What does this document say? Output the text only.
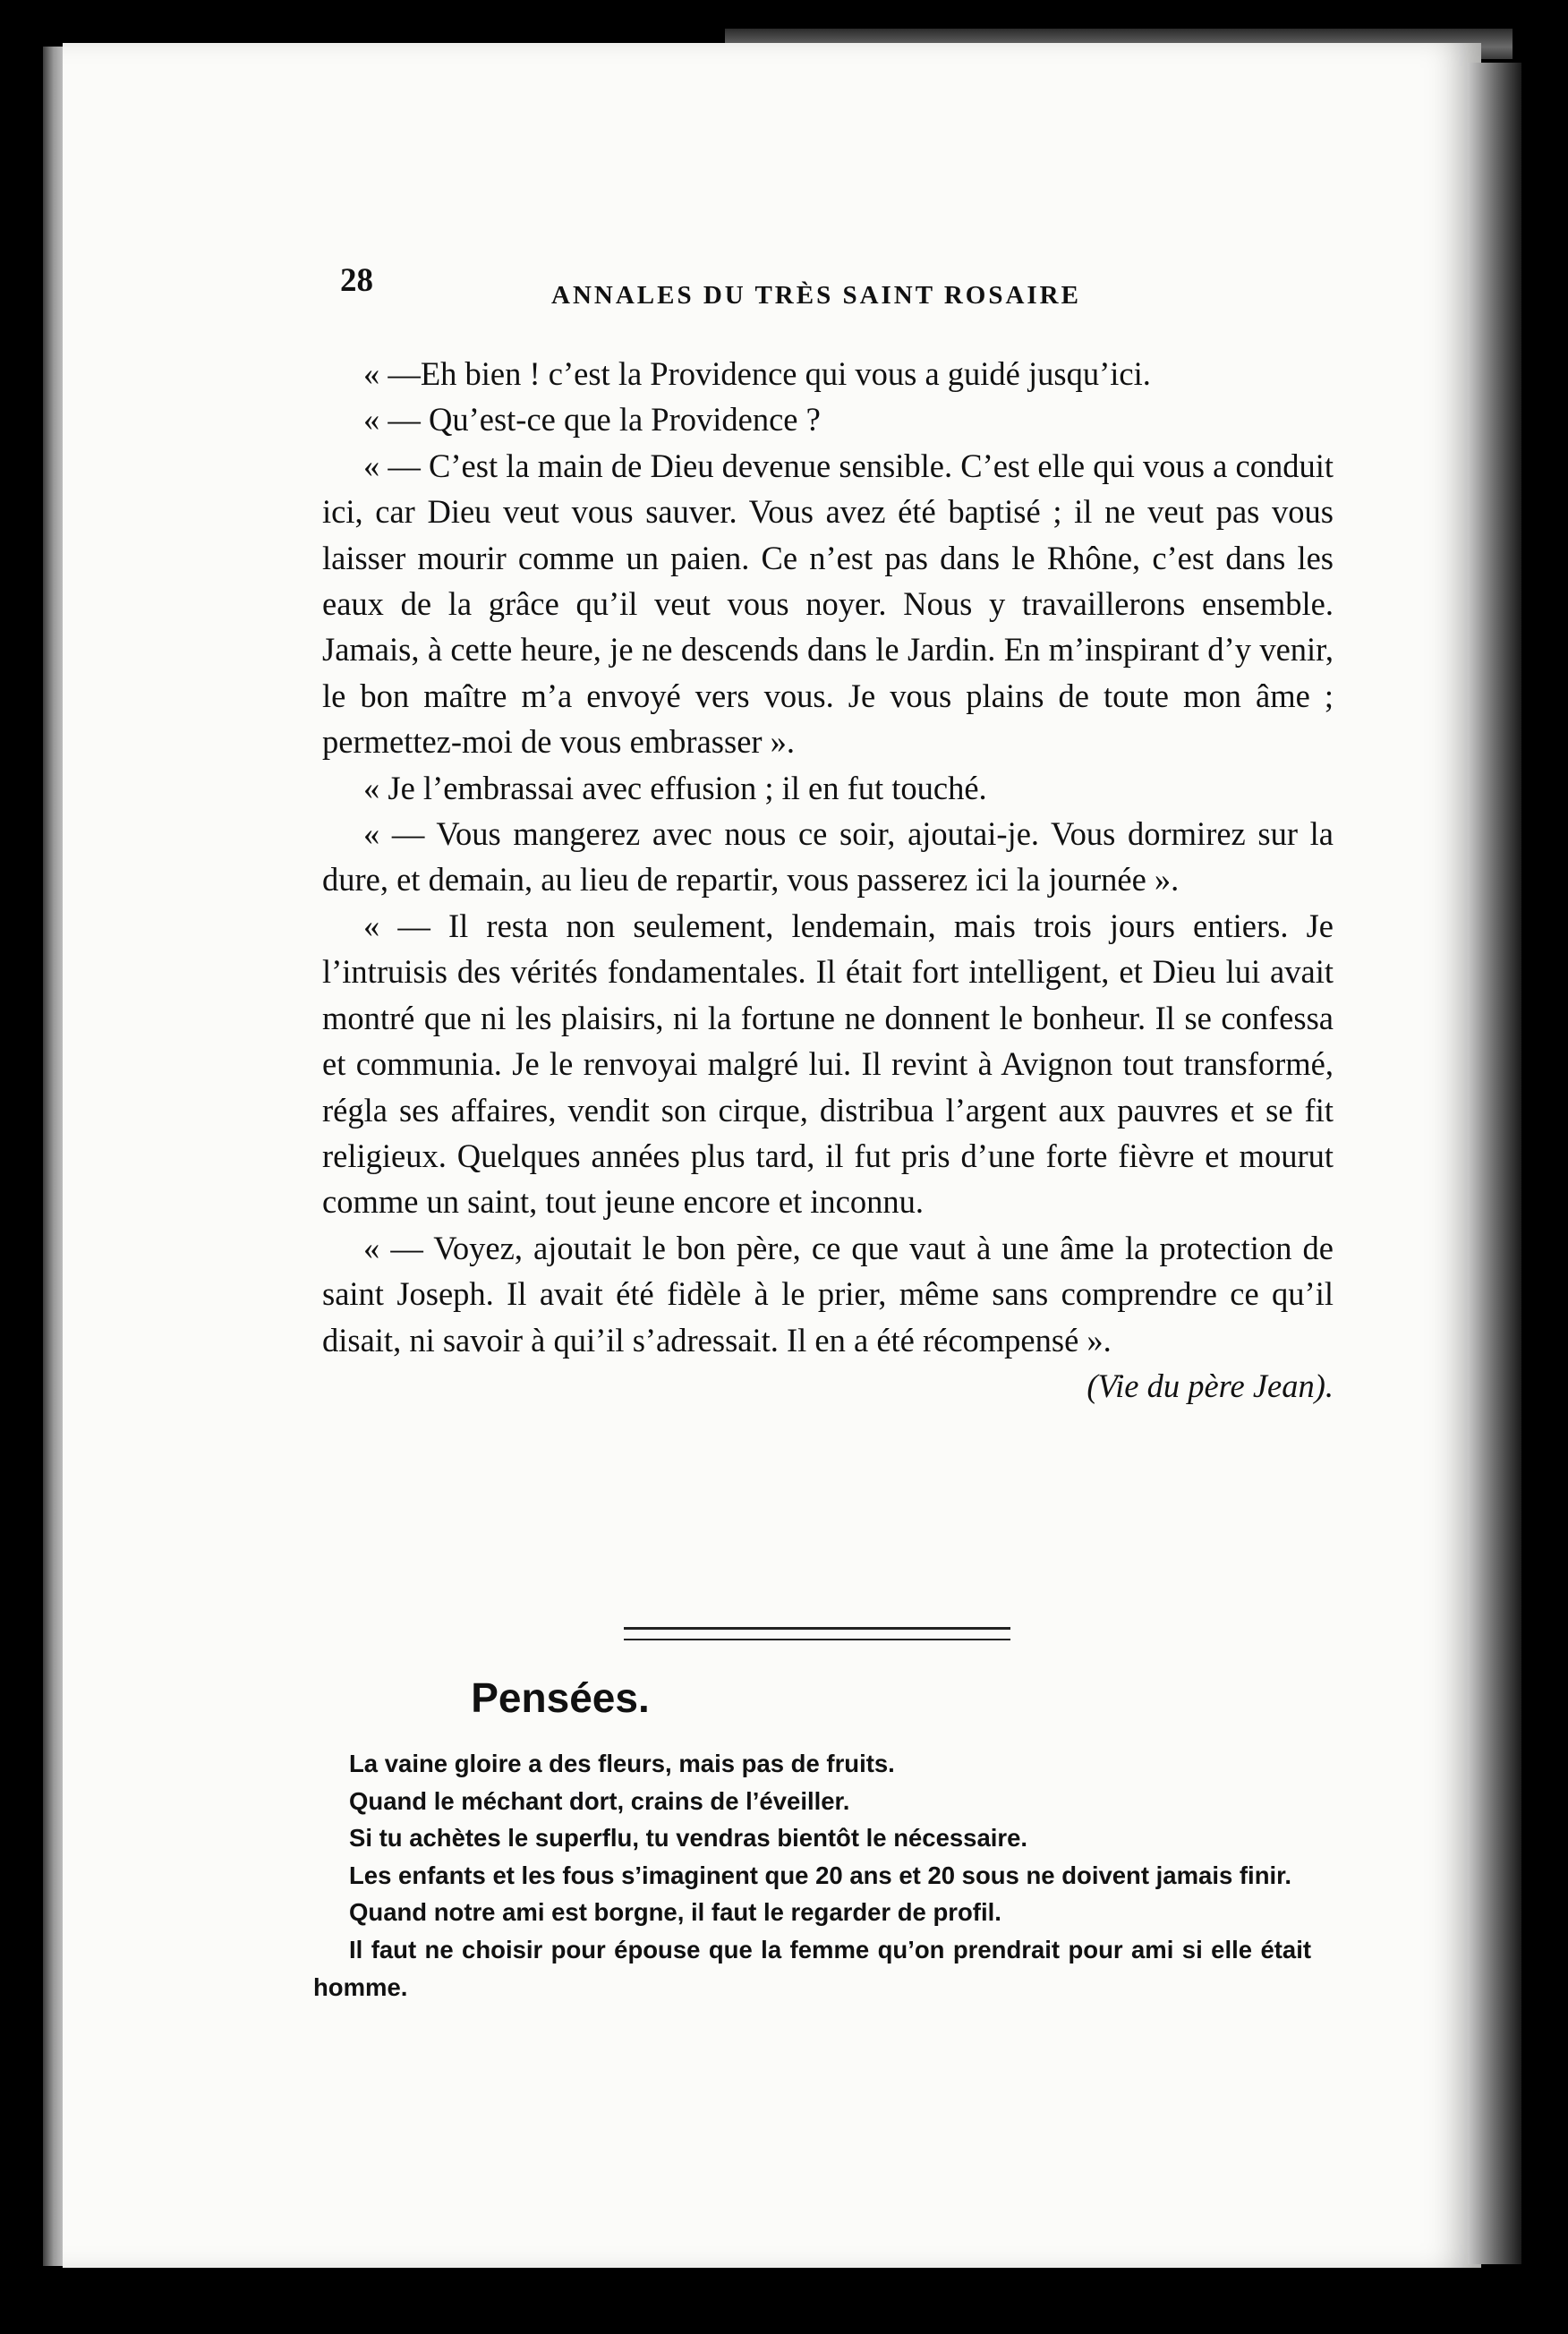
28	ANNALES DU TRÈS SAINT ROSAIRE

« —Eh bien ! c’est la Providence qui vous a guidé jusqu’ici.

« — Qu’est-ce que la Providence ?

« — C’est la main de Dieu devenue sensible. C’est elle qui vous a conduit ici, car Dieu veut vous sauver. Vous avez été baptisé ; il ne veut pas vous laisser mourir comme un paien. Ce n’est pas dans le Rhône, c’est dans les eaux de la grâce qu’il veut vous noyer. Nous y travaillerons ensemble. Jamais, à cette heure, je ne descends dans le Jardin. En m’inspirant d’y venir, le bon maître m’a envoyé vers vous. Je vous plains de toute mon âme ; permettez-moi de vous embrasser ».

« Je l’embrassai avec effusion ; il en fut touché.

« — Vous mangerez avec nous ce soir, ajoutai-je. Vous dormirez sur la dure, et demain, au lieu de repartir, vous passerez ici la journée ».

« — Il resta non seulement, lendemain, mais trois jours entiers. Je l’intruisis des vérités fondamentales. Il était fort intelligent, et Dieu lui avait montré que ni les plaisirs, ni la fortune ne donnent le bonheur. Il se confessa et communia. Je le renvoyai malgré lui. Il revint à Avignon tout transformé, régla ses affaires, vendit son cirque, distribua l’argent aux pauvres et se fit religieux. Quelques années plus tard, il fut pris d’une forte fièvre et mourut comme un saint, tout jeune encore et inconnu.

« — Voyez, ajoutait le bon père, ce que vaut à une âme la protection de saint Joseph. Il avait été fidèle à le prier, même sans comprendre ce qu’il disait, ni savoir à qui’il s’adressait. Il en a été récompensé ».

(Vie du père Jean).
Pensées.

La vaine gloire a des fleurs, mais pas de fruits.

Quand le méchant dort, crains de l’éveiller.

Si tu achètes le superflu, tu vendras bientôt le nécessaire.

Les enfants et les fous s’imaginent que 20 ans et 20 sous ne doivent jamais finir.

Quand notre ami est borgne, il faut le regarder de profil.

Il faut ne choisir pour épouse que la femme qu’on prendrait pour ami si elle était homme.
